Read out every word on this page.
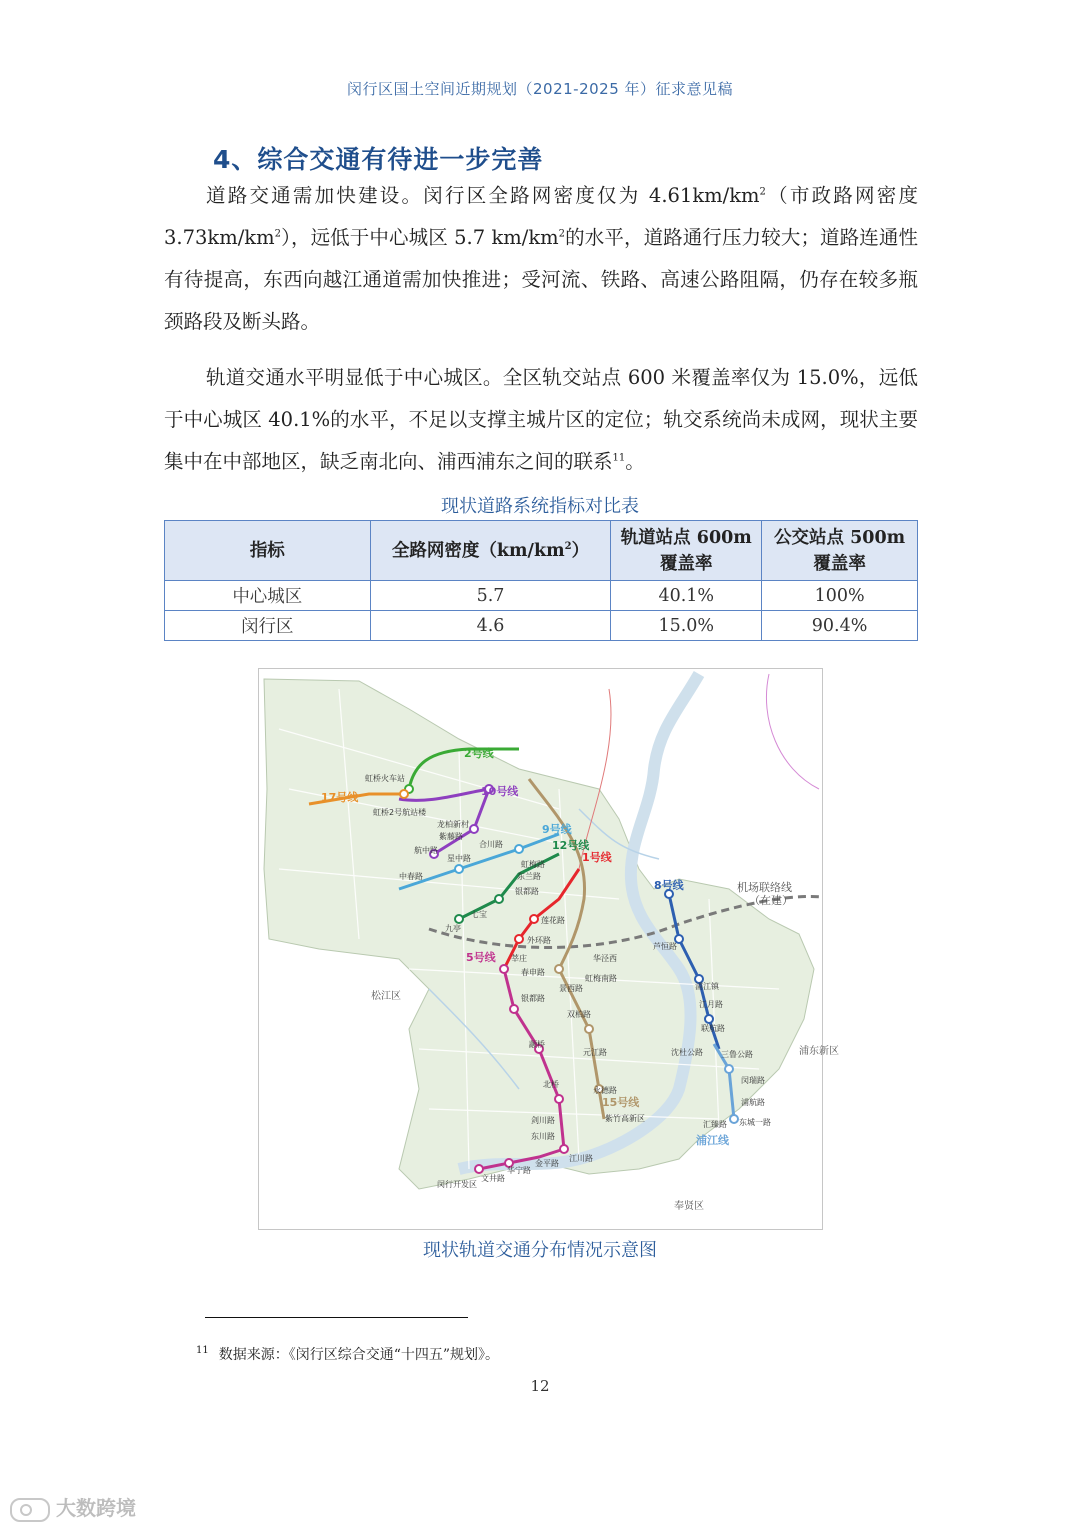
闵行区国土空间近期规划（2021-2025 年）征求意见稿
4、综合交通有待进一步完善

道路交通需加快建设。闵行区全路网密度仅为 $4.61km/km^2$（市政路网密度 $3.73km/km^2$），远低于中心城区 5.7 $km/km^2$的水平，道路通行压力较大；道路连通性有待提高，东西向越江通道需加快推进；受河流、铁路、高速公路阻隔，仍存在较多瓶颈路段及断头路。

轨道交通水平明显低于中心城区。全区轨交站点 600 米覆盖率仅为 15.0%，远低于中心城区 40.1%的水平，不足以支撑主城片区的定位；轨交系统尚未成网，现状主要集中在中部地区，缺乏南北向、浦西浦东之间的联系$^{11}$。

现状道路系统指标对比表
指标	全路网密度$(km/km^2)$	轨道站点 600m 覆盖率	公交站点 500m 覆盖率
中心城区	5.7	40.1%	100%
闵行区	4.6	15.0%	90.4%
2号线
17号线	10号线
9号线
12号线
1号线
5号线
15号线
8号线
浦江线
机场联络线
（在建）
松江区
奉贤区
浦东新区
虹桥火车站
虹桥2号航站楼
龙柏新村
紫藤路
合川路
航中路
星中路
中春路
虹梅路
东兰路
银都路
七宝
九亭
莲花路
外环路
莘庄
春申路
银都路
华泾西
虹梅南路
景西路
双柏路
元江路
永德路
紫竹高新区
颛桥
北桥
剑川路
东川路
江川路
金平路
华宁路
文井路
闵行开发区
芦恒路
浦江镇
江月路
联航路
沈杜公路 三鲁公路
闵瑞路
浦航路
东城一路
汇臻路
现状轨道交通分布情况示意图
$^{11}$ 数据来源：《闵行区综合交通“十四五”规划》。
12
大数跨境
